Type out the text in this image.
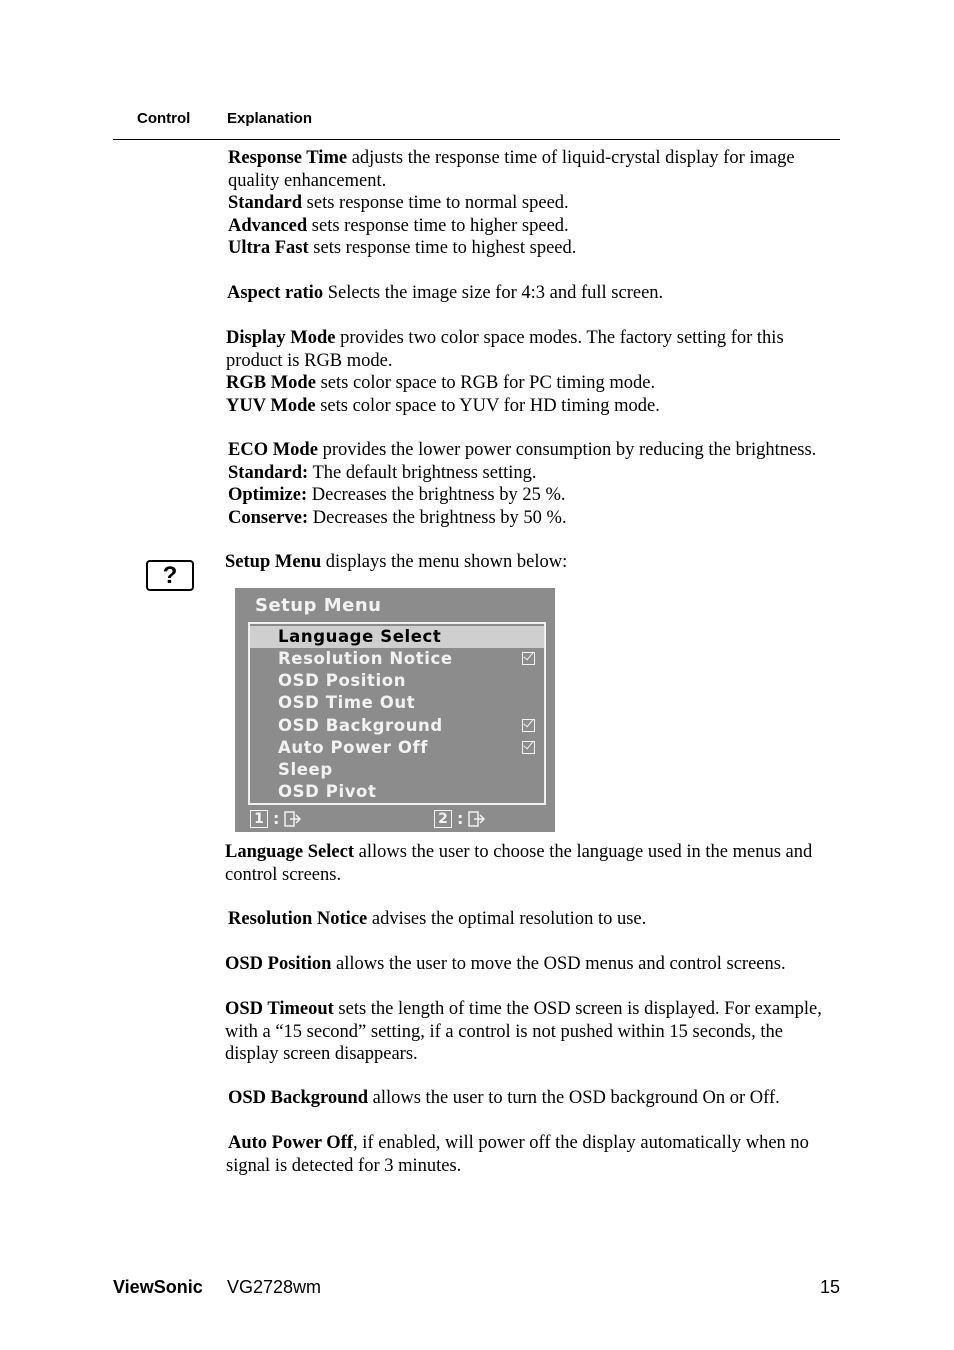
Control Explanation

Response Time adjusts the response time of liquid-crystal display for image
quality enhancement.
Standard sets response time to normal speed.
Advanced sets response time to higher speed.
Ultra Fast sets response time to highest speed.

Aspect ratio Selects the image size for 4:3 and full screen.

Display Mode provides two color space modes. The factory setting for this
product is RGB mode.
RGB Mode sets color space to RGB for PC timing mode.
YUV Mode sets color space to YUV for HD timing mode.

ECO Mode provides the lower power consumption by reducing the brightness.
Standard: The default brightness setting.
Optimize: Decreases the brightness by 25 %.
Conserve: Decreases the brightness by 50 %.

?	Setup Menu displays the menu shown below:

Setup Menu
Language Select
Resolution Notice
OSD Position
OSD Time Out
OSD Background
Auto Power Off
Sleep
OSD Pivot
1 :	2 :

Language Select allows the user to choose the language used in the menus and
control screens.

Resolution Notice advises the optimal resolution to use.

OSD Position allows the user to move the OSD menus and control screens.

OSD Timeout sets the length of time the OSD screen is displayed. For example,
with a “15 second” setting, if a control is not pushed within 15 seconds, the
display screen disappears.

OSD Background allows the user to turn the OSD background On or Off.

Auto Power Off, if enabled, will power off the display automatically when no
signal is detected for 3 minutes.

ViewSonic VG2728wm	15
